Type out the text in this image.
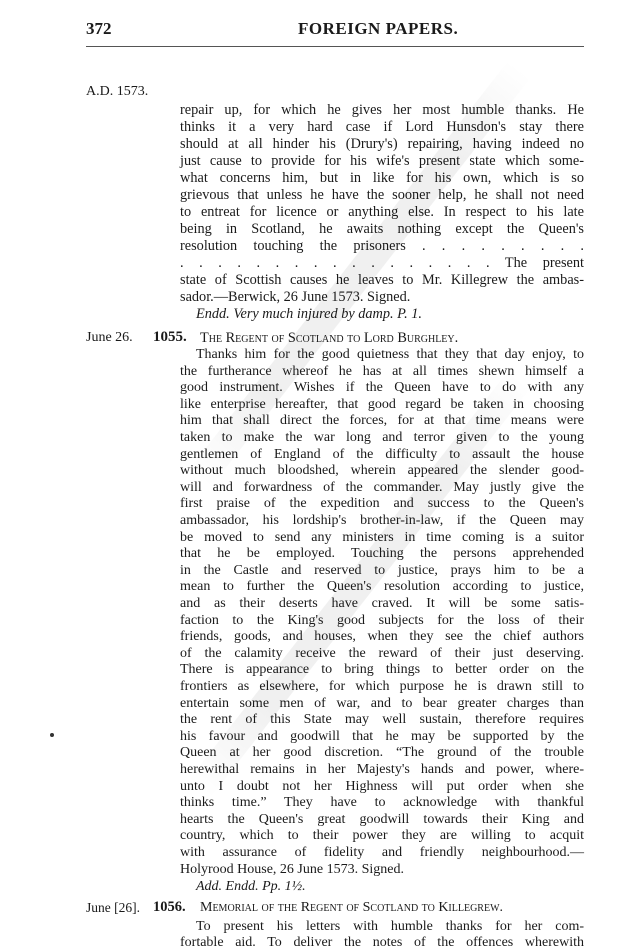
372	FOREIGN PAPERS.
A.D. 1573.
repair up, for which he gives her most humble thanks. He
thinks it a very hard case if Lord Hunsdon's stay there
should at all hinder his (Drury's) repairing, having indeed no
just cause to provide for his wife's present state which some-
what concerns him, but in like for his own, which is so
grievous that unless he have the sooner help, he shall not need
to entreat for licence or anything else. In respect to his late
being in Scotland, he awaits nothing except the Queen's
resolution touching the prisoners . . . . . . . . .
. . . . . . . . . . . . . . . . . The present
state of Scottish causes he leaves to Mr. Killegrew the ambas-
sador.—Berwick, 26 June 1573. Signed.
Endd. Very much injured by damp. P. 1.
June 26. 1055. The Regent of Scotland to Lord Burghley.
Thanks him for the good quietness that they that day enjoy, to
the furtherance whereof he has at all times shewn himself a
good instrument. Wishes if the Queen have to do with any
like enterprise hereafter, that good regard be taken in choosing
him that shall direct the forces, for at that time means were
taken to make the war long and terror given to the young
gentlemen of England of the difficulty to assault the house
without much bloodshed, wherein appeared the slender good-
will and forwardness of the commander. May justly give the
first praise of the expedition and success to the Queen's
ambassador, his lordship's brother-in-law, if the Queen may
be moved to send any ministers in time coming is a suitor
that he be employed. Touching the persons apprehended
in the Castle and reserved to justice, prays him to be a
mean to further the Queen's resolution according to justice,
and as their deserts have craved. It will be some satis-
faction to the King's good subjects for the loss of their
friends, goods, and houses, when they see the chief authors
of the calamity receive the reward of their just deserving.
There is appearance to bring things to better order on the
frontiers as elsewhere, for which purpose he is drawn still to
entertain some men of war, and to bear greater charges than
the rent of this State may well sustain, therefore requires
his favour and goodwill that he may be supported by the
Queen at her good discretion. “The ground of the trouble
herewithal remains in her Majesty's hands and power, where-
unto I doubt not her Highness will put order when she
thinks time.” They have to acknowledge with thankful
hearts the Queen's great goodwill towards their King and
country, which to their power they are willing to acquit
with assurance of fidelity and friendly neighbourhood.—
Holyrood House, 26 June 1573. Signed.
Add. Endd. Pp. 1½.
June [26]. 1056. Memorial of the Regent of Scotland to Killegrew.
To present his letters with humble thanks for her com-
fortable aid. To deliver the notes of the offences wherewith
